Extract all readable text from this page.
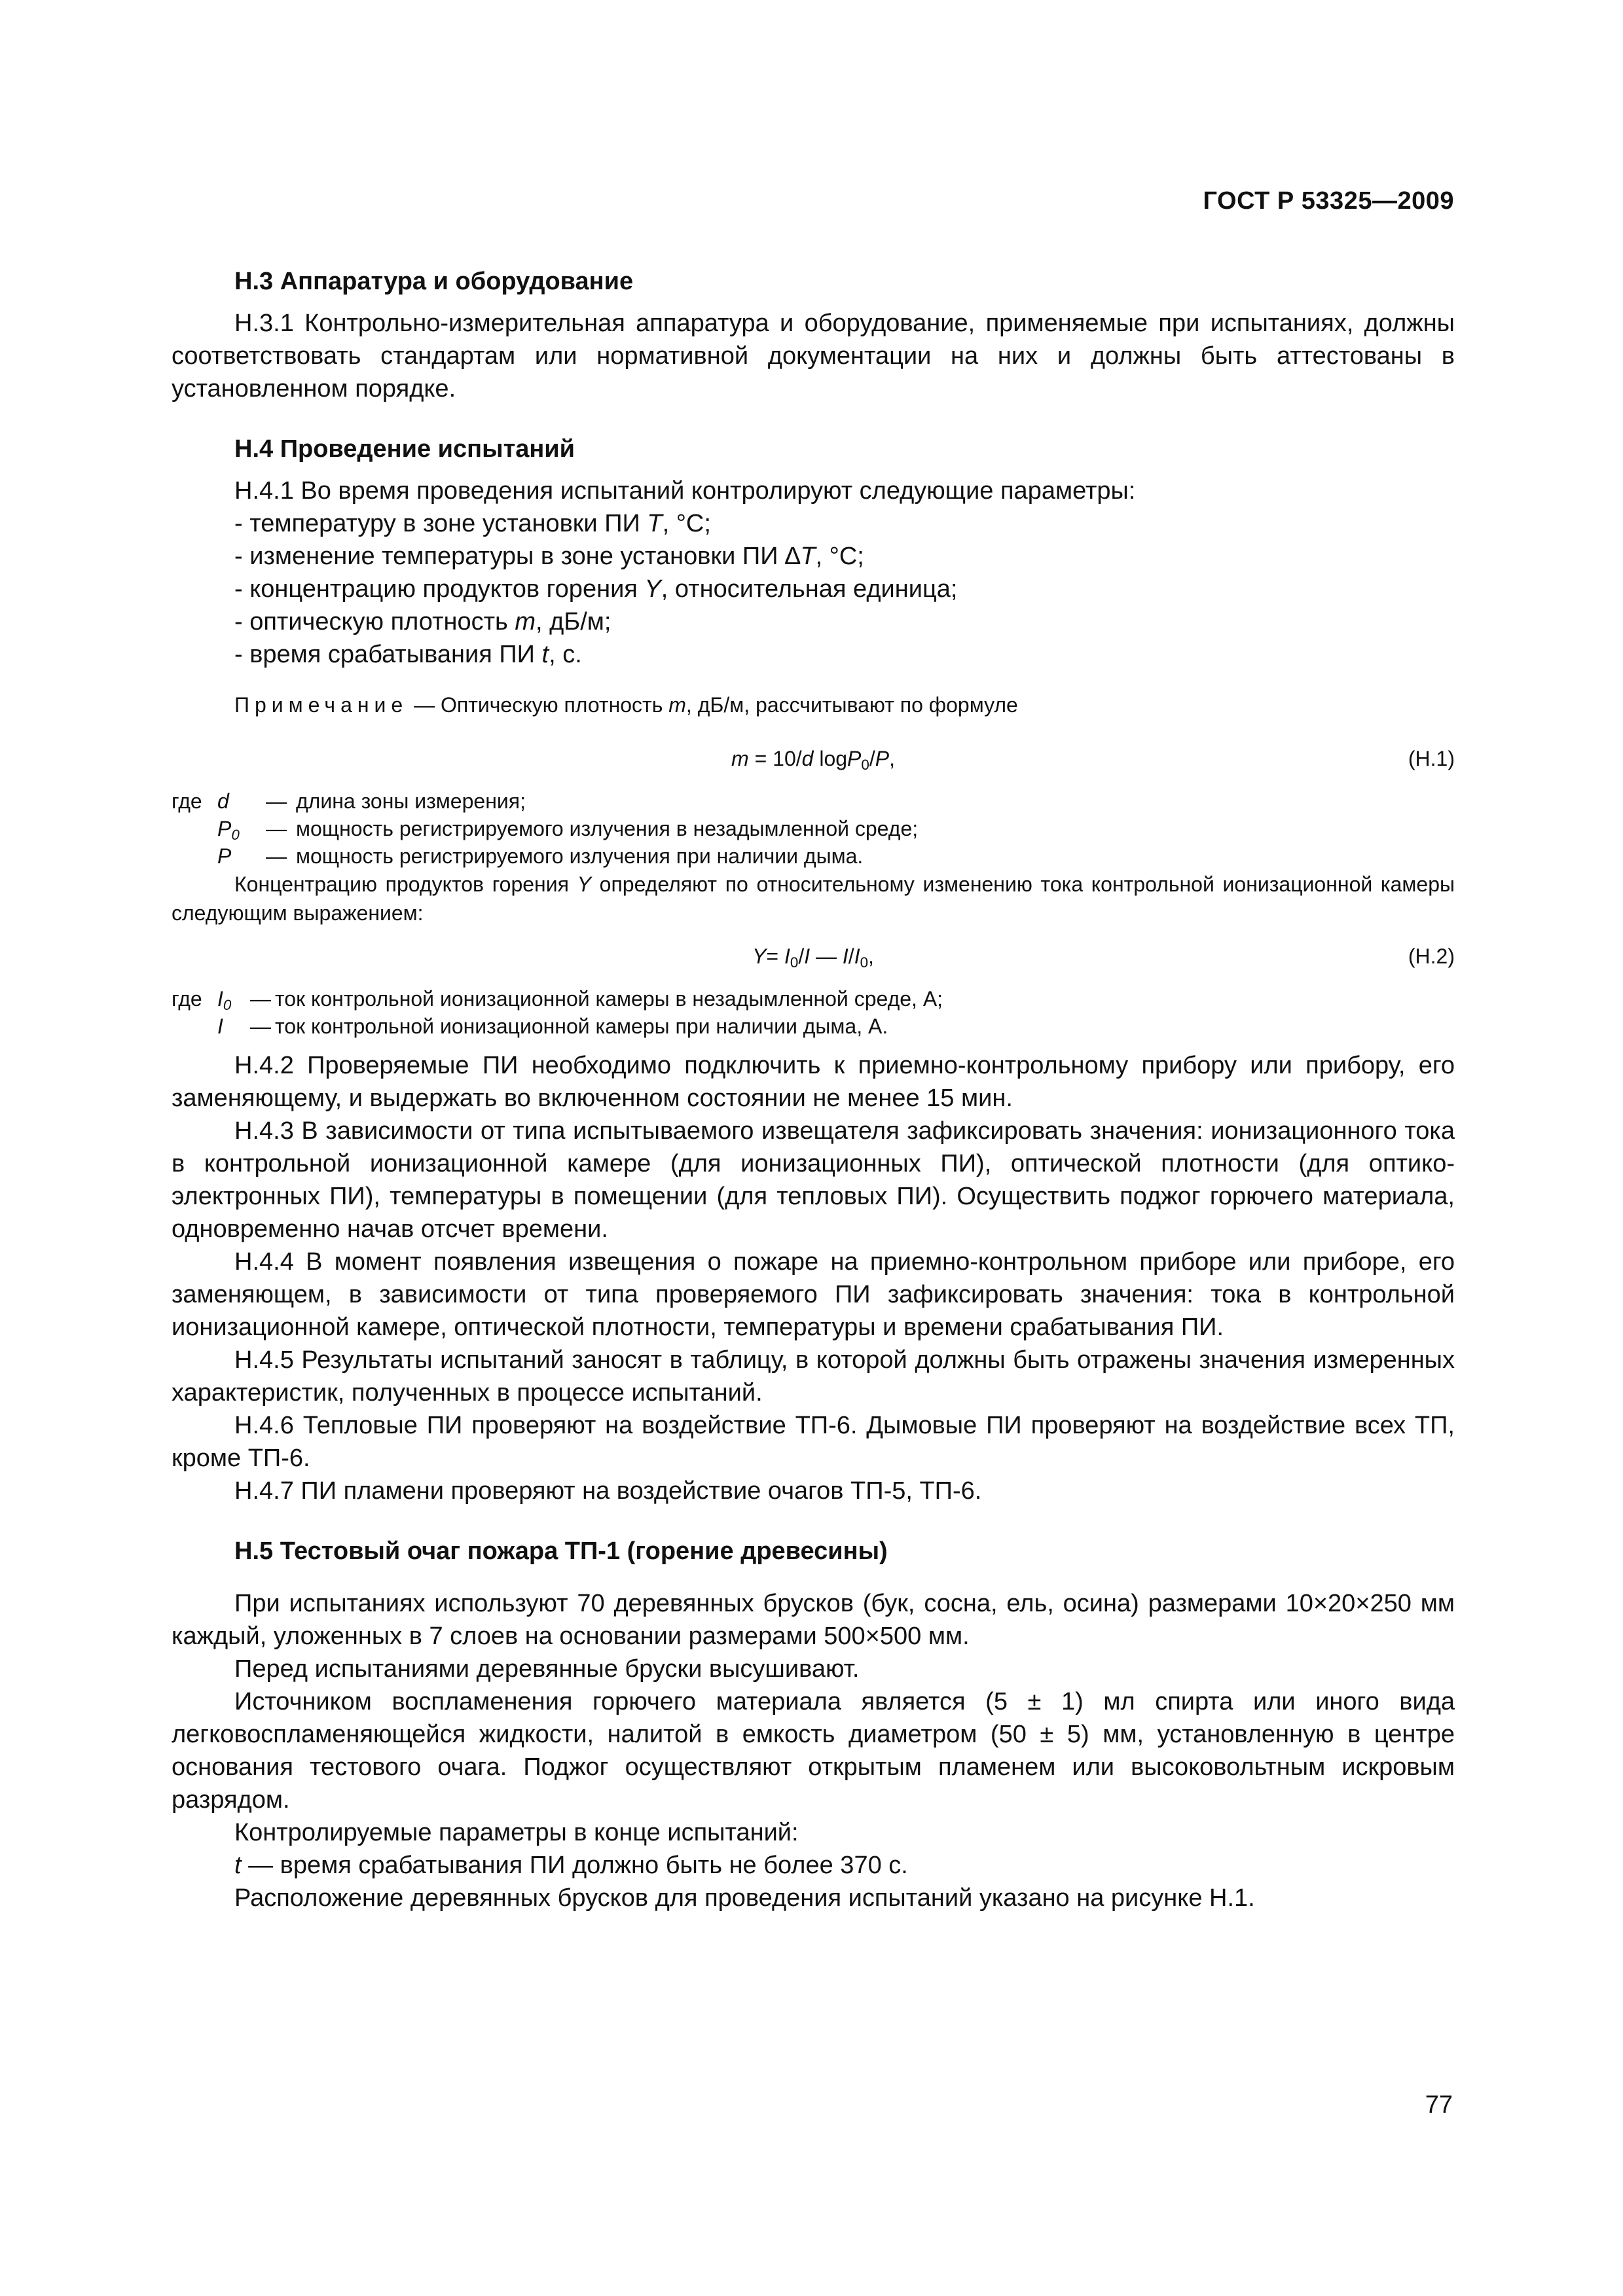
ГОСТ Р 53325—2009

Н.3 Аппаратура и оборудование

Н.3.1 Контрольно-измерительная аппаратура и оборудование, применяемые при испытаниях, должны соответствовать стандартам или нормативной документации на них и должны быть аттестованы в установленном порядке.

Н.4 Проведение испытаний

Н.4.1 Во время проведения испытаний контролируют следующие параметры:

- температуру в зоне установки ПИ T, °С;

- изменение температуры в зоне установки ПИ ∆T, °С;

- концентрацию продуктов горения Y, относительная единица;

- оптическую плотность m, дБ/м;

- время срабатывания ПИ t, с.

Примечание — Оптическую плотность m, дБ/м, рассчитывают по формуле

m = 10/d logP$_0$/P,	(Н.1)
где d	— длина зоны измерения;
$P_0$	— мощность регистрируемого излучения в незадымленной среде;
P	— мощность регистрируемого излучения при наличии дыма.

Концентрацию продуктов горения Y определяют по относительному изменению тока контрольной ионизационной камеры следующим выражением:

$Y= I_0/I$ — $I/I_0$,	(Н.2)
где $I_0$ — ток контрольной ионизационной камеры в незадымленной среде, А;
I	— ток контрольной ионизационной камеры при наличии дыма, А.

Н.4.2 Проверяемые ПИ необходимо подключить к приемно-контрольному прибору или прибору, его заменяющему, и выдержать во включенном состоянии не менее 15 мин.

Н.4.3 В зависимости от типа испытываемого извещателя зафиксировать значения: ионизационного тока в контрольной ионизационной камере (для ионизационных ПИ), оптической плотности (для оптико-электронных ПИ), температуры в помещении (для тепловых ПИ). Осуществить поджог горючего материала, одновременно начав отсчет времени.

Н.4.4 В момент появления извещения о пожаре на приемно-контрольном приборе или приборе, его заменяющем, в зависимости от типа проверяемого ПИ зафиксировать значения: тока в контрольной ионизационной камере, оптической плотности, температуры и времени срабатывания ПИ.

Н.4.5 Результаты испытаний заносят в таблицу, в которой должны быть отражены значения измеренных характеристик, полученных в процессе испытаний.

Н.4.6 Тепловые ПИ проверяют на воздействие ТП-6. Дымовые ПИ проверяют на воздействие всех ТП, кроме ТП-6.

Н.4.7 ПИ пламени проверяют на воздействие очагов ТП-5, ТП-6.

Н.5 Тестовый очаг пожара ТП-1 (горение древесины)

При испытаниях используют 70 деревянных брусков (бук, сосна, ель, осина) размерами 10×20×250 мм каждый, уложенных в 7 слоев на основании размерами 500×500 мм.

Перед испытаниями деревянные бруски высушивают.

Источником воспламенения горючего материала является (5 ± 1) мл спирта или иного вида легковоспламеняющейся жидкости, налитой в емкость диаметром (50 ± 5) мм, установленную в центре основания тестового очага. Поджог осуществляют открытым пламенем или высоковольтным искровым разрядом.

Контролируемые параметры в конце испытаний:

t — время срабатывания ПИ должно быть не более 370 с.

Расположение деревянных брусков для проведения испытаний указано на рисунке Н.1.

77
